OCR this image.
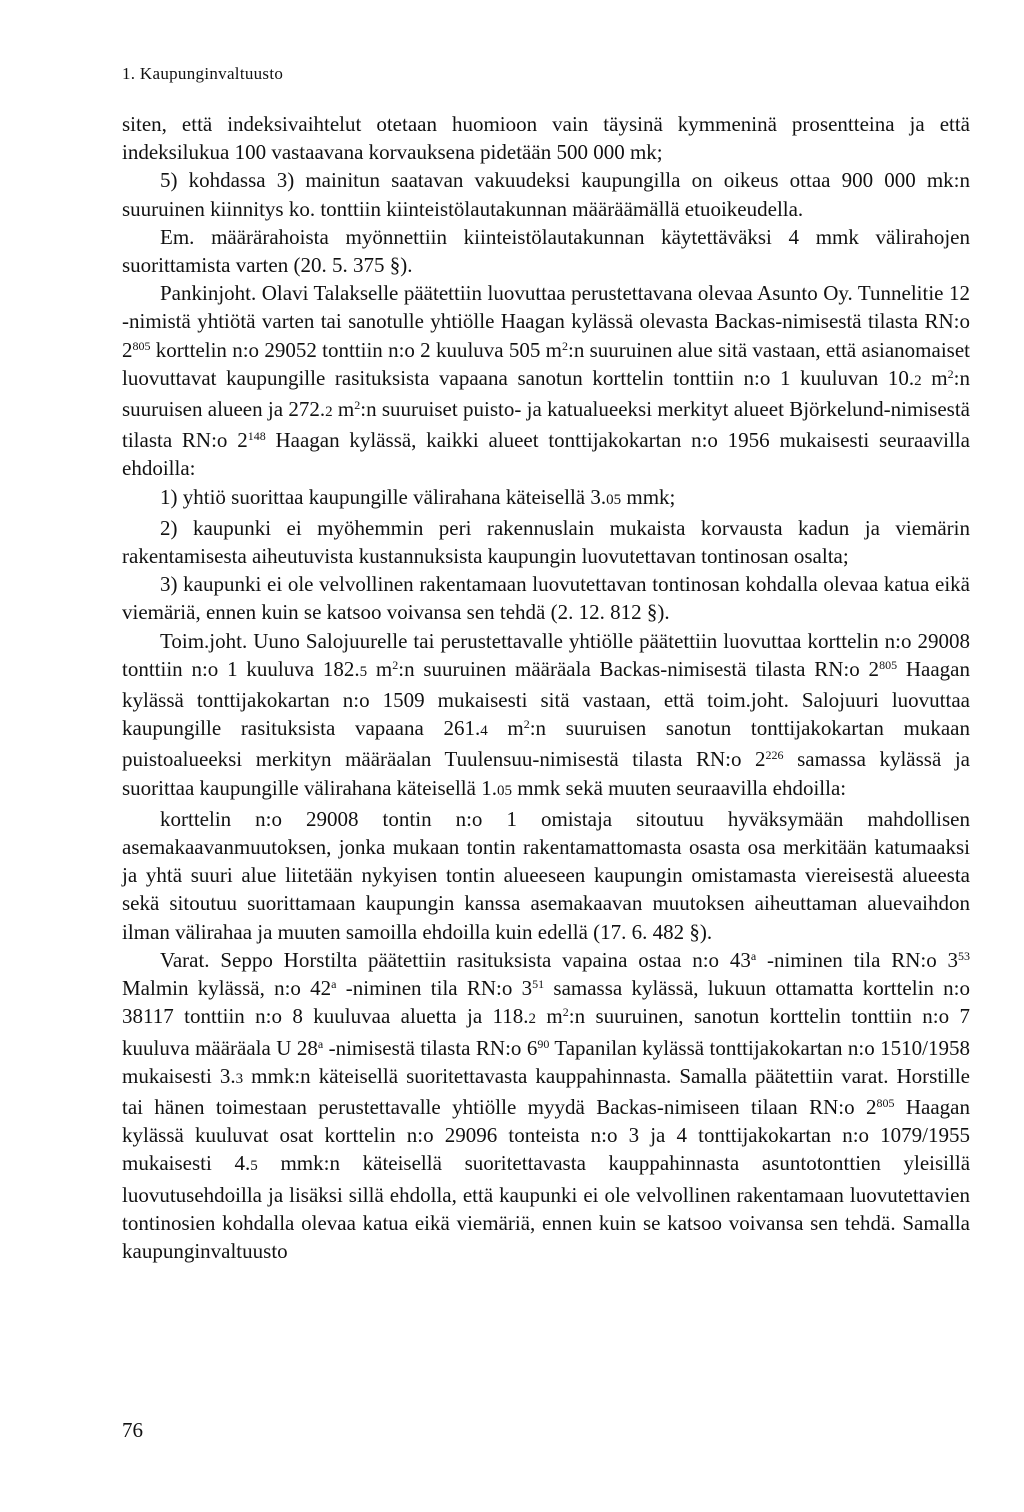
1. Kaupunginvaltuusto

siten, että indeksivaihtelut otetaan huomioon vain täysinä kymmeninä prosentteina ja että indeksilukua 100 vastaavana korvauksena pidetään 500 000 mk;

5) kohdassa 3) mainitun saatavan vakuudeksi kaupungilla on oikeus ottaa 900 000 mk:n suuruinen kiinnitys ko. tonttiin kiinteistölautakunnan määräämällä etuoikeudella.

Em. määrärahoista myönnettiin kiinteistölautakunnan käytettäväksi 4 mmk välirahojen suorittamista varten (20. 5. 375 §).

Pankinjoht. Olavi Talakselle päätettiin luovuttaa perustettavana olevaa Asunto Oy. Tunnelitie 12 -nimistä yhtiötä varten tai sanotulle yhtiölle Haagan kylässä olevasta Backas-nimisestä tilasta RN:o $2^{805}$ korttelin n:o 29052 tonttiin n:o 2 kuuluva 505 $m^2:n$ suuruinen alue sitä vastaan, että asianomaiset luovuttavat kaupungille rasituksista vapaana sanotun korttelin tonttiin n:o 1 kuuluvan 10.2 $m^2:n$ suuruisen alueen ja 272.2 $m^2:n$ suuruiset puisto- ja katualueeksi merkityt alueet Björkelund-nimisestä tilasta RN:o $2^{148}$ Haagan kylässä, kaikki alueet tonttijakokartan n:o 1956 mukaisesti seuraavilla ehdoilla:

1) yhtiö suorittaa kaupungille välirahana käteisellä 3.05 mmk;

2) kaupunki ei myöhemmin peri rakennuslain mukaista korvausta kadun ja viemärin rakentamisesta aiheutuvista kustannuksista kaupungin luovutettavan tontinosan osalta;

3) kaupunki ei ole velvollinen rakentamaan luovutettavan tontinosan kohdalla olevaa katua eikä viemäriä, ennen kuin se katsoo voivansa sen tehdä (2. 12. 812 §).

Toim.joht. Uuno Salojuurelle tai perustettavalle yhtiölle päätettiin luovuttaa korttelin n:o 29008 tonttiin n:o 1 kuuluva 182.5 $m^2:n$ suuruinen määräala Backas-nimisestä tilasta RN:o $2^{805}$ Haagan kylässä tonttijakokartan n:o 1509 mukaisesti sitä vastaan, että toim.joht. Salojuuri luovuttaa kaupungille rasituksista vapaana 261.4 $m^2:n$ suuruisen sanotun tonttijakokartan mukaan puistoalueeksi merkityn määräalan Tuulensuu-nimisestä tilasta RN:o $2^{226}$ samassa kylässä ja suorittaa kaupungille välirahana käteisellä 1.05 mmk sekä muuten seuraavilla ehdoilla:

korttelin n:o 29008 tontin n:o 1 omistaja sitoutuu hyväksymään mahdollisen asemakaavanmuutoksen, jonka mukaan tontin rakentamattomasta osasta osa merkitään katumaaksi ja yhtä suuri alue liitetään nykyisen tontin alueeseen kaupungin omistamasta viereisestä alueesta sekä sitoutuu suorittamaan kaupungin kanssa asemakaavan muutoksen aiheuttaman aluevaihdon ilman välirahaa ja muuten samoilla ehdoilla kuin edellä (17. 6. 482 §).

Varat. Seppo Horstilta päätettiin rasituksista vapaina ostaa n:o 43$^a$ -niminen tila RN:o $3^{53}$ Malmin kylässä, n:o 42$^a$ -niminen tila RN:o $3^{51}$ samassa kylässä, lukuun ottamatta korttelin n:o 38117 tonttiin n:o 8 kuuluvaa aluetta ja 118.2 $m^2:n$ suuruinen, sanotun korttelin tonttiin n:o 7 kuuluva määräala U 28$^a$ -nimisestä tilasta RN:o $6^{90}$ Tapanilan kylässä tonttijakokartan n:o 1510/1958 mukaisesti 3.3 mmk:n käteisellä suoritettavasta kauppahinnasta. Samalla päätettiin varat. Horstille tai hänen toimestaan perustettavalle yhtiölle myydä Backas-nimiseen tilaan RN:o $2^{805}$ Haagan kylässä kuuluvat osat korttelin n:o 29096 tonteista n:o 3 ja 4 tonttijakokartan n:o 1079/1955 mukaisesti 4.5 mmk:n käteisellä suoritettavasta kauppahinnasta asuntotonttien yleisillä luovutusehdoilla ja lisäksi sillä ehdolla, että kaupunki ei ole velvollinen rakentamaan luovutettavien tontinosien kohdalla olevaa katua eikä viemäriä, ennen kuin se katsoo voivansa sen tehdä. Samalla kaupunginvaltuusto

76
